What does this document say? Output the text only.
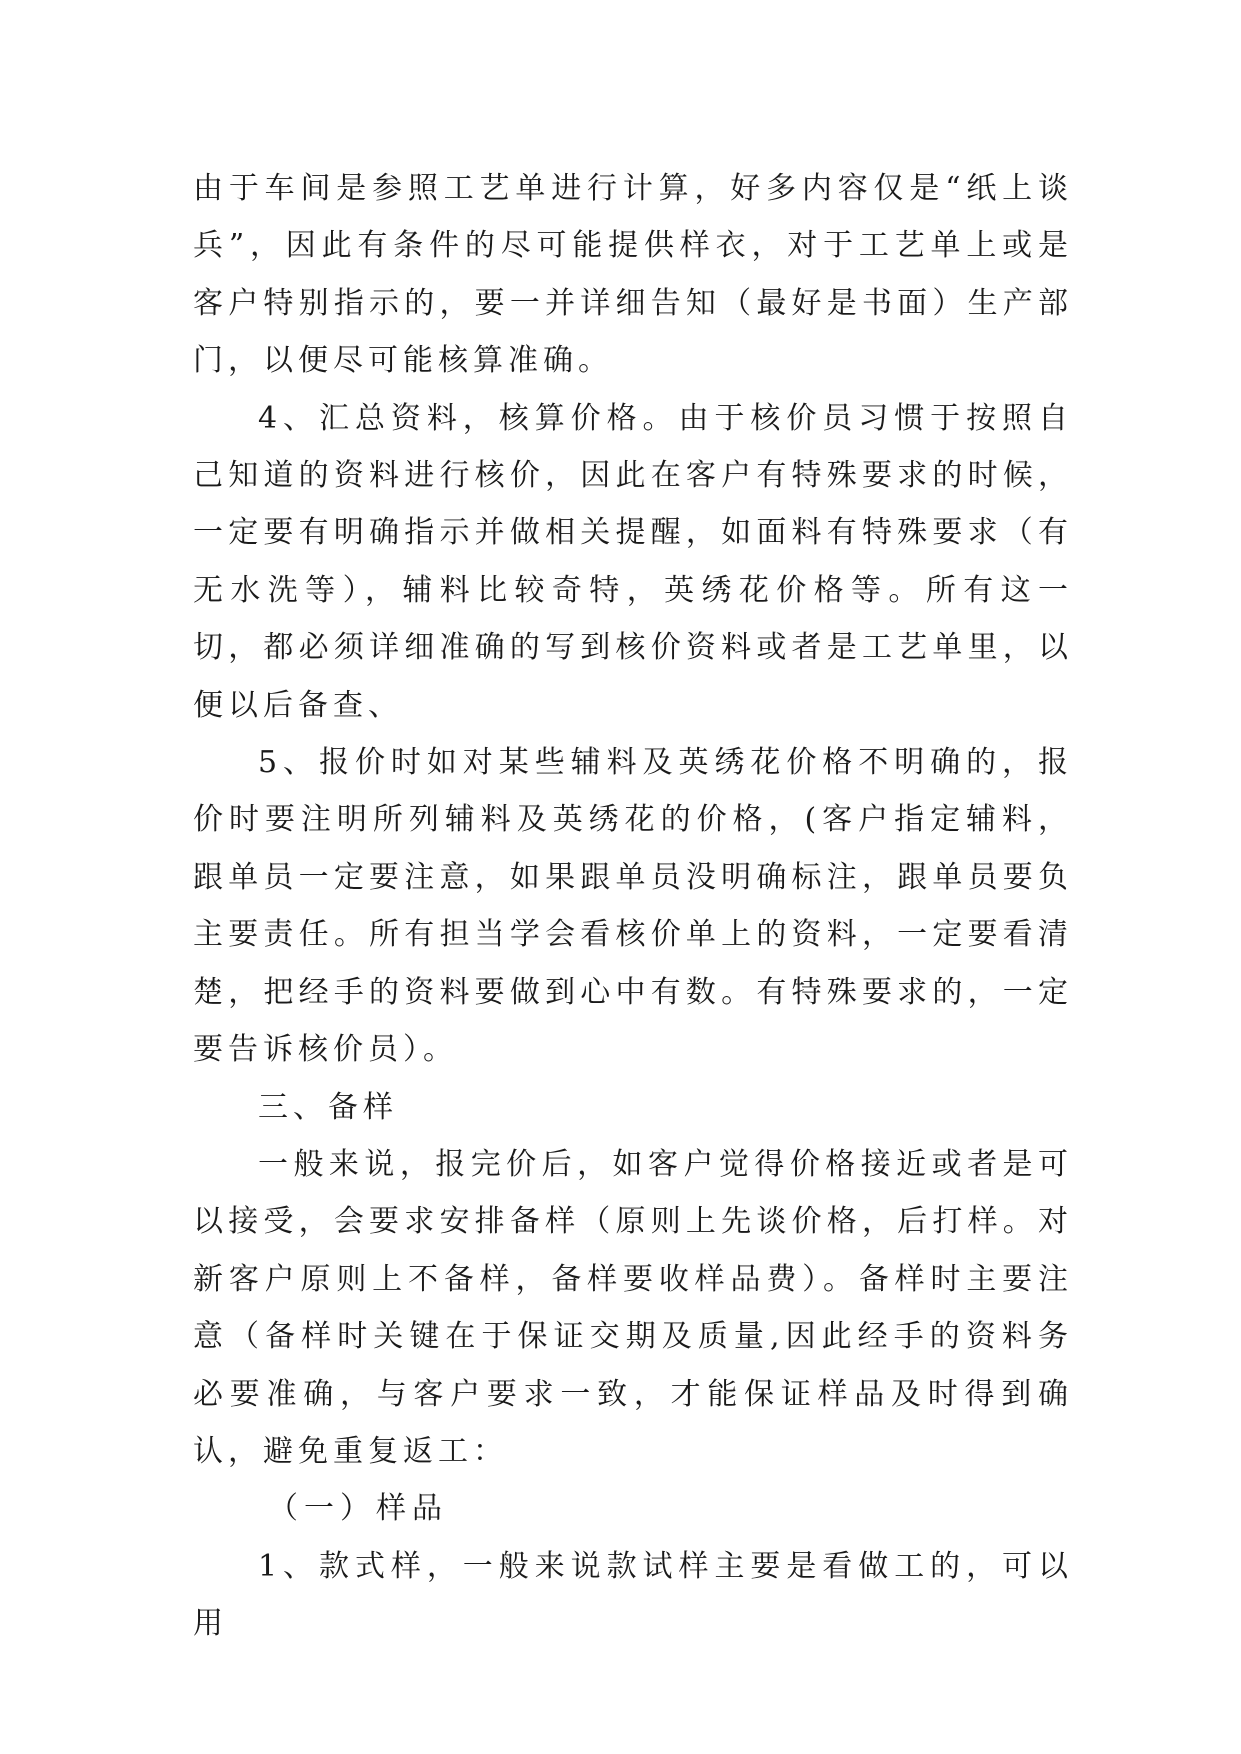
由于车间是参照工艺单进行计算，好多内容仅是“纸上谈兵”，因此有条件的尽可能提供样衣，对于工艺单上或是客户特别指示的，要一并详细告知（最好是书面）生产部门，以便尽可能核算准确。

4、汇总资料，核算价格。由于核价员习惯于按照自己知道的资料进行核价，因此在客户有特殊要求的时候，一定要有明确指示并做相关提醒，如面料有特殊要求（有无水洗等），辅料比较奇特，英绣花价格等。所有这一切，都必须详细准确的写到核价资料或者是工艺单里，以便以后备查、

5、报价时如对某些辅料及英绣花价格不明确的，报价时要注明所列辅料及英绣花的价格，(客户指定辅料，跟单员一定要注意，如果跟单员没明确标注，跟单员要负主要责任。所有担当学会看核价单上的资料，一定要看清楚，把经手的资料要做到心中有数。有特殊要求的，一定要告诉核价员）。

三、备样

一般来说，报完价后，如客户觉得价格接近或者是可以接受，会要求安排备样（原则上先谈价格，后打样。对新客户原则上不备样，备样要收样品费）。备样时主要注意（备样时关键在于保证交期及质量,因此经手的资料务必要准确，与客户要求一致，才能保证样品及时得到确认，避免重复返工：

（一）样品

1、款式样，一般来说款试样主要是看做工的，可以用
